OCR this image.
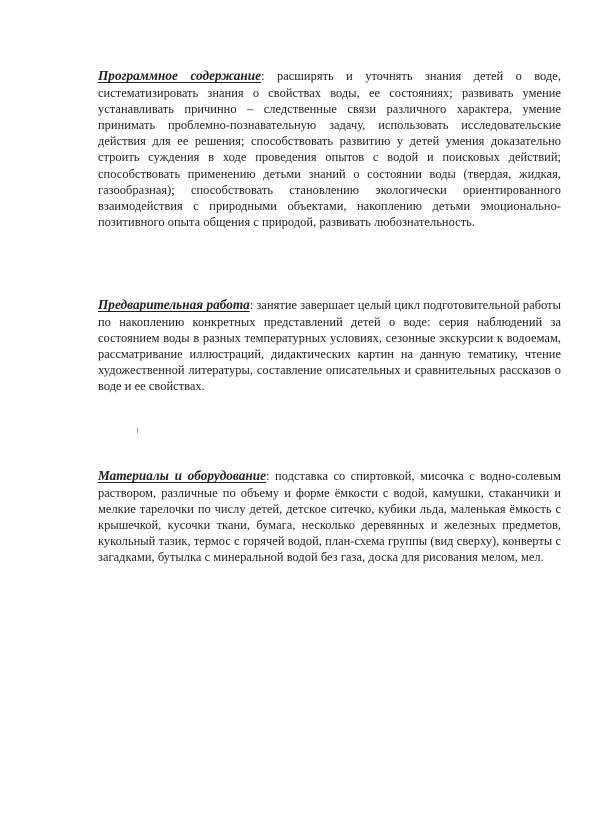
Программное содержание: расширять и уточнять знания детей о воде, систематизировать знания о свойствах воды, ее состояниях; развивать умение устанавливать причинно – следственные связи различного характера, умение принимать проблемно-познавательную задачу, использовать исследовательские действия для ее решения; способствовать развитию у детей умения доказательно строить суждения в ходе проведения опытов с водой и поисковых действий; способствовать применению детьми знаний о состоянии воды (твердая, жидкая, газообразная); способствовать становлению экологически ориентированного взаимодействия с природными объектами, накоплению детьми эмоционально- позитивного опыта общения с природой, развивать любознательность.

Предварительная работа: занятие завершает целый цикл подготовительной работы по накоплению конкретных представлений детей о воде: серия наблюдений за состоянием воды в разных температурных условиях, сезонные экскурсии к водоемам, рассматривание иллюстраций, дидактических картин на данную тематику, чтение художественной литературы, составление описательных и сравнительных рассказов о воде и ее свойствах.

Материалы и оборудование: подставка со спиртовкой, мисочка с водно-солевым раствором, различные по объему и форме ёмкости с водой, камушки, стаканчики и мелкие тарелочки по числу детей, детское ситечко, кубики льда, маленькая ёмкость с крышечкой, кусочки ткани, бумага, несколько деревянных и железных предметов, кукольный тазик, термос с горячей водой, план-схема группы (вид сверху), конверты с загадками, бутылка с минеральной водой без газа, доска для рисования мелом, мел.
